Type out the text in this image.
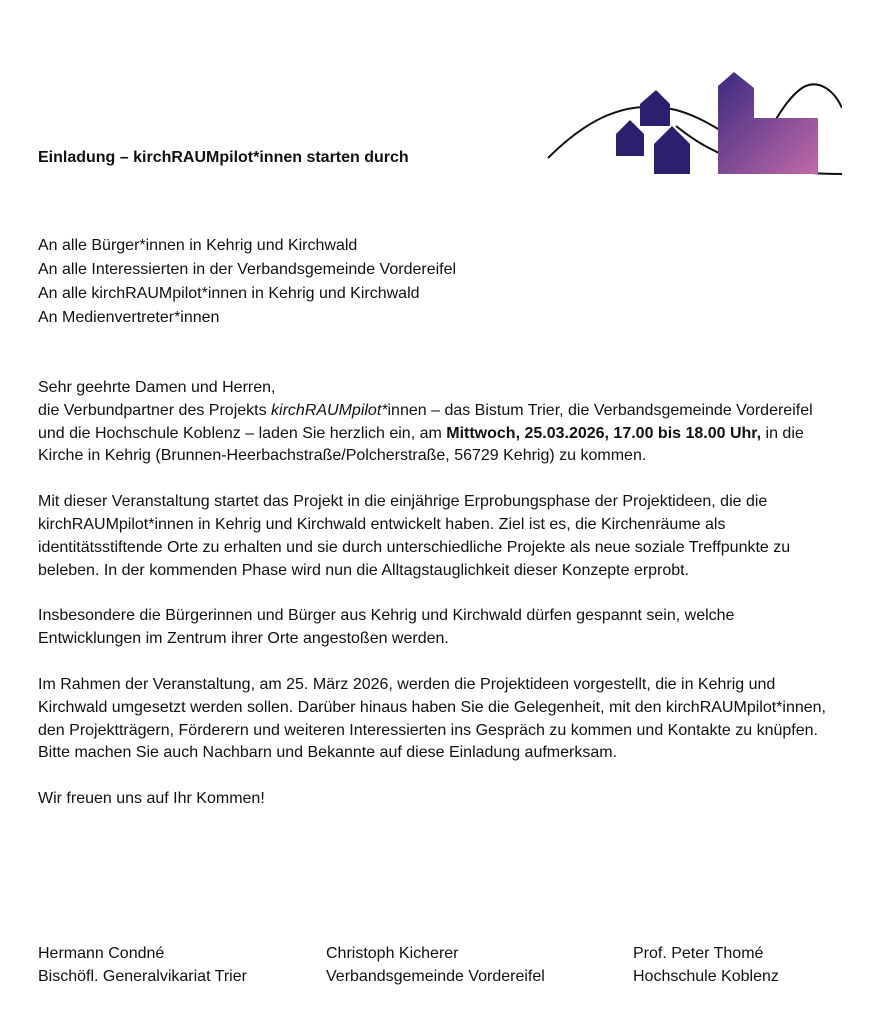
Einladung – kirchRAUMpilot*innen starten durch
An alle Bürger*innen in Kehrig und Kirchwald
An alle Interessierten in der Verbandsgemeinde Vordereifel
An alle kirchRAUMpilot*innen in Kehrig und Kirchwald
An Medienvertreter*innen

Sehr geehrte Damen und Herren,
die Verbundpartner des Projekts kirchRAUMpilot*innen – das Bistum Trier, die Verbandsgemeinde Vordereifel und die Hochschule Koblenz – laden Sie herzlich ein, am Mittwoch, 25.03.2026, 17.00 bis 18.00 Uhr, in die Kirche in Kehrig (Brunnen-Heerbachstraße/Polcherstraße, 56729 Kehrig) zu kommen.

Mit dieser Veranstaltung startet das Projekt in die einjährige Erprobungsphase der Projektideen, die die kirchRAUMpilot*innen in Kehrig und Kirchwald entwickelt haben. Ziel ist es, die Kirchenräume als identitätsstiftende Orte zu erhalten und sie durch unterschiedliche Projekte als neue soziale Treffpunkte zu beleben. In der kommenden Phase wird nun die Alltagstauglichkeit dieser Konzepte erprobt.

Insbesondere die Bürgerinnen und Bürger aus Kehrig und Kirchwald dürfen gespannt sein, welche Entwicklungen im Zentrum ihrer Orte angestoßen werden.

Im Rahmen der Veranstaltung, am 25. März 2026, werden die Projektideen vorgestellt, die in Kehrig und Kirchwald umgesetzt werden sollen. Darüber hinaus haben Sie die Gelegenheit, mit den kirchRAUMpilot*innen, den Projektträgern, Förderern und weiteren Interessierten ins Gespräch zu kommen und Kontakte zu knüpfen. Bitte machen Sie auch Nachbarn und Bekannte auf diese Einladung aufmerksam.

Wir freuen uns auf Ihr Kommen!

Hermann Condné
Bischöfl. Generalvikariat Trier
Christoph Kicherer
Verbandsgemeinde Vordereifel
Prof. Peter Thomé
Hochschule Koblenz
